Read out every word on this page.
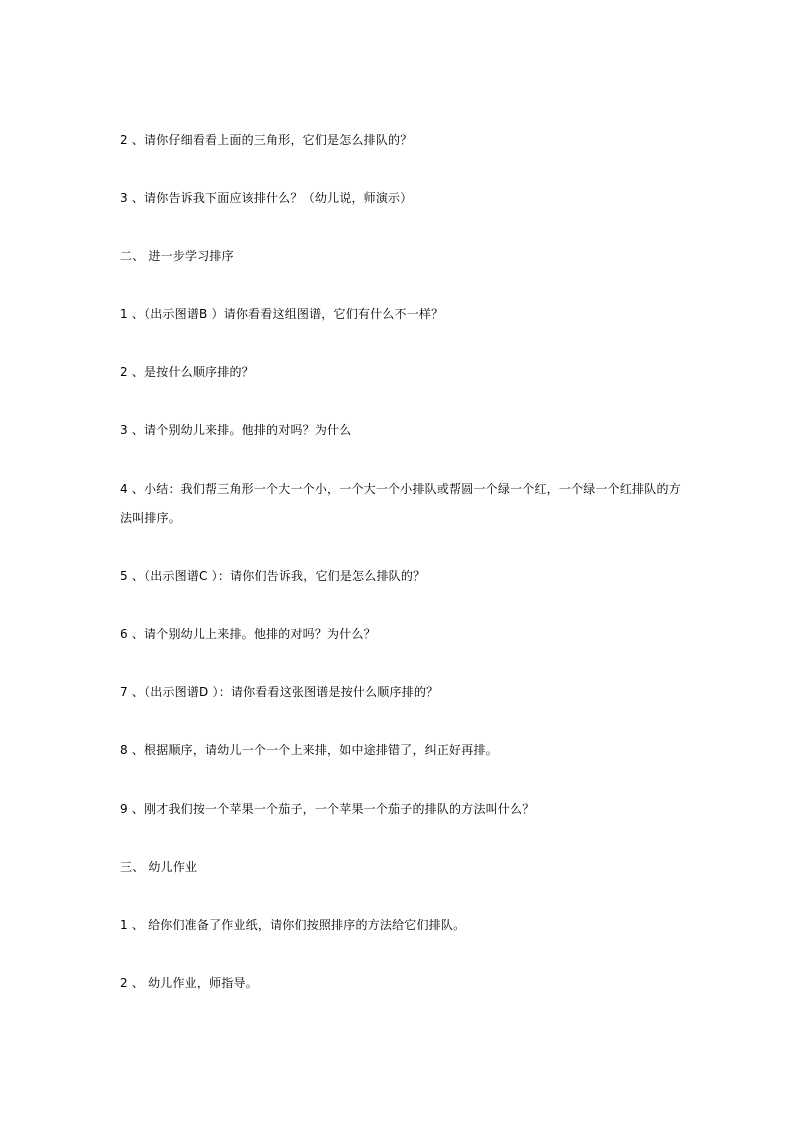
2 、请你仔细看看上面的三角形，它们是怎么排队的？
3 、请你告诉我下面应该排什么？（幼儿说，师演示）
二、 进一步学习排序
1 、（出示图谱B ）请你看看这组图谱，它们有什么不一样？
2 、是按什么顺序排的？
3 、请个别幼儿来排。他排的对吗？为什么
4 、小结：我们帮三角形一个大一个小，一个大一个小排队或帮圆一个绿一个红，一个绿一个红排队的方
法叫排序。
5 、（出示图谱C ）：请你们告诉我，它们是怎么排队的？
6 、请个别幼儿上来排。他排的对吗？为什么？
7 、（出示图谱D ）：请你看看这张图谱是按什么顺序排的？
8 、根据顺序，请幼儿一个一个上来排，如中途排错了，纠正好再排。
9 、刚才我们按一个苹果一个茄子，一个苹果一个茄子的排队的方法叫什么？
三、 幼儿作业
1 、 给你们准备了作业纸，请你们按照排序的方法给它们排队。
2 、 幼儿作业，师指导。
